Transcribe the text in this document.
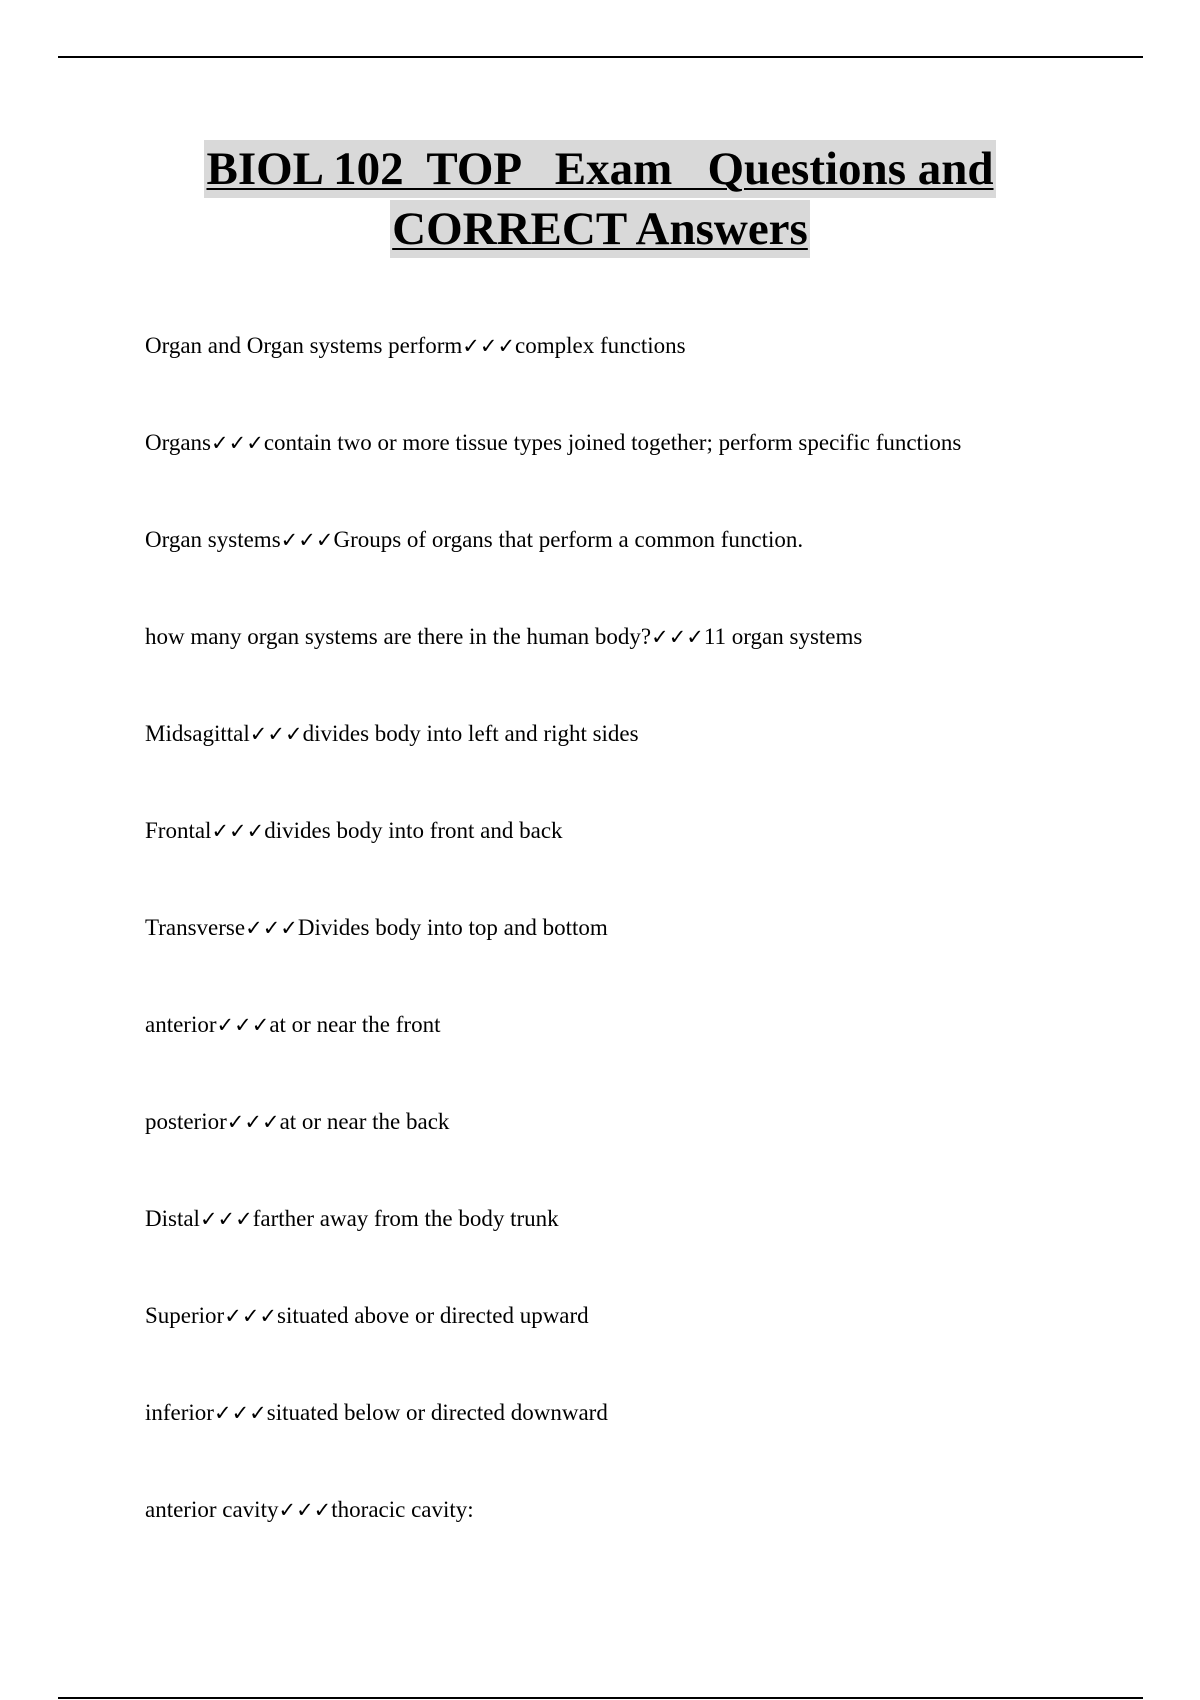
BIOL 102  TOP   Exam   Questions and
CORRECT Answers
Organ and Organ systems perform✓✓✓complex functions
Organs✓✓✓contain two or more tissue types joined together; perform specific functions
Organ systems✓✓✓Groups of organs that perform a common function.
how many organ systems are there in the human body?✓✓✓11 organ systems
Midsagittal✓✓✓divides body into left and right sides
Frontal✓✓✓divides body into front and back
Transverse✓✓✓Divides body into top and bottom
anterior✓✓✓at or near the front
posterior✓✓✓at or near the back
Distal✓✓✓farther away from the body trunk
Superior✓✓✓situated above or directed upward
inferior✓✓✓situated below or directed downward
anterior cavity✓✓✓thoracic cavity:
